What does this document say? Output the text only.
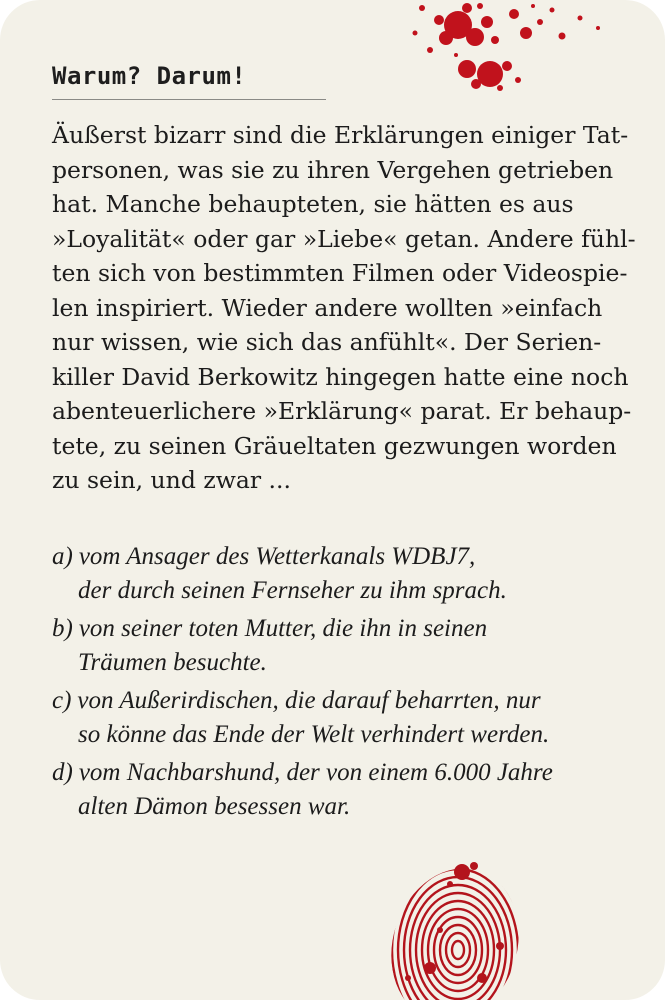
Warum? Darum!

Äußerst bizarr sind die Erklärungen einiger Tat-
personen, was sie zu ihren Vergehen getrieben
hat. Manche behaupteten, sie hätten es aus
»Loyalität« oder gar »Liebe« getan. Andere fühl-
ten sich von bestimmten Filmen oder Videospie-
len inspiriert. Wieder andere wollten »einfach
nur wissen, wie sich das anfühlt«. Der Serien-
killer David Berkowitz hingegen hatte eine noch
abenteuerlichere »Erklärung« parat. Er behaup-
tete, zu seinen Gräueltaten gezwungen worden
zu sein, und zwar ...

a) vom Ansager des Wetterkanals WDBJ7,
der durch seinen Fernseher zu ihm sprach.
b) von seiner toten Mutter, die ihn in seinen
Träumen besuchte.
c) von Außerirdischen, die darauf beharrten, nur
so könne das Ende der Welt verhindert werden.
d) vom Nachbarshund, der von einem 6.000 Jahre
alten Dämon besessen war.
